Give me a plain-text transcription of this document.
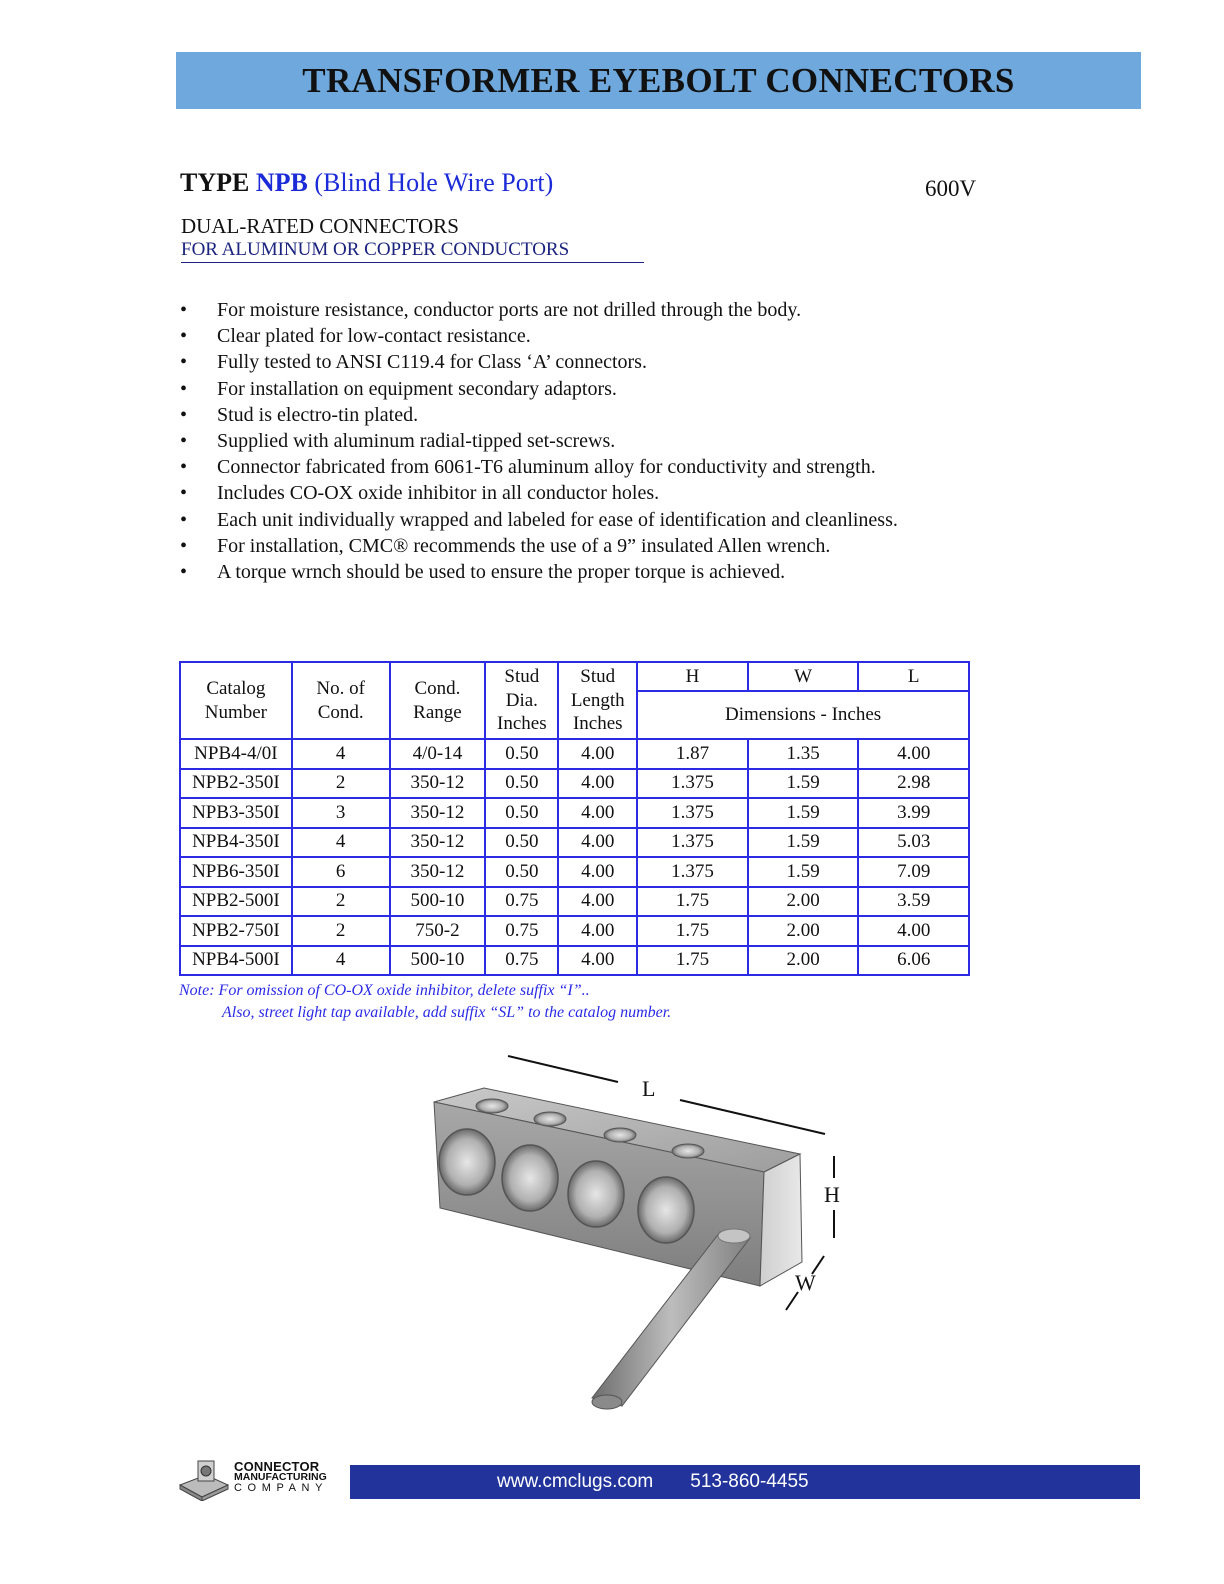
TRANSFORMER EYEBOLT CONNECTORS
TYPE NPB (Blind Hole Wire Port)	600V
DUAL-RATED CONNECTORS
FOR ALUMINUM OR COPPER CONDUCTORS
• For moisture resistance, conductor ports are not drilled through the body.
• Clear plated for low-contact resistance.
• Fully tested to ANSI C119.4 for Class ‘A’ connectors.
• For installation on equipment secondary adaptors.
• Stud is electro-tin plated.
• Supplied with aluminum radial-tipped set-screws.
• Connector fabricated from 6061-T6 aluminum alloy for conductivity and strength.
• Includes CO-OX oxide inhibitor in all conductor holes.
• Each unit individually wrapped and labeled for ease of identification and cleanliness.
• For installation, CMC® recommends the use of a 9” insulated Allen wrench.
• A torque wrnch should be used to ensure the proper torque is achieved.
Catalog Number	No. of Cond.	Cond. Range	Stud Dia. Inches	Stud Length Inches	H	W	L
					Dimensions - Inches		
NPB4-4/0I	4	4/0-14	0.50	4.00	1.87	1.35	4.00
NPB2-350I	2	350-12	0.50	4.00	1.375	1.59	2.98
NPB3-350I	3	350-12	0.50	4.00	1.375	1.59	3.99
NPB4-350I	4	350-12	0.50	4.00	1.375	1.59	5.03
NPB6-350I	6	350-12	0.50	4.00	1.375	1.59	7.09
NPB2-500I	2	500-10	0.75	4.00	1.75	2.00	3.59
NPB2-750I	2	750-2	0.75	4.00	1.75	2.00	4.00
NPB4-500I	4	500-10	0.75	4.00	1.75	2.00	6.06
Note: For omission of CO-OX oxide inhibitor, delete suffix “I”..
Also, street light tap available, add suffix “SL” to the catalog number.
L
H
W
CONNECTOR
MANUFACTURING
COMPANY	www.cmclugs.com 513-860-4455
